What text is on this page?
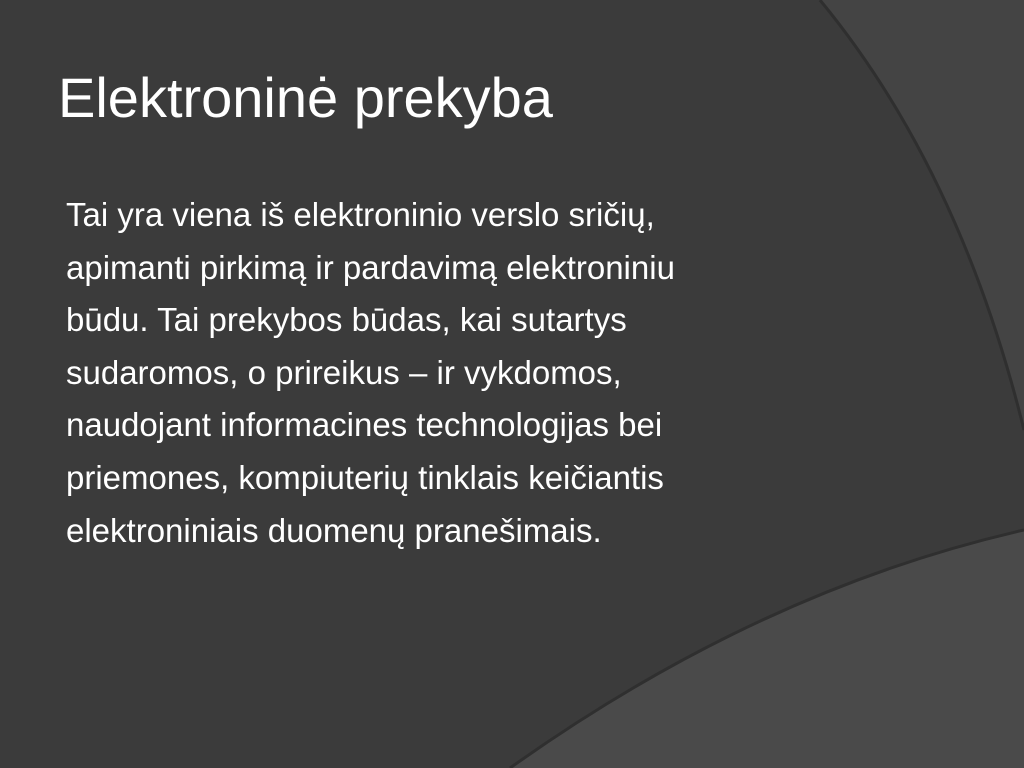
Elektroninė prekyba

Tai yra viena iš elektroninio verslo sričių,
apimanti pirkimą ir pardavimą elektroniniu
būdu. Tai prekybos būdas, kai sutartys
sudaromos, o prireikus – ir vykdomos,
naudojant informacines technologijas bei
priemones, kompiuterių tinklais keičiantis
elektroniniais duomenų pranešimais.
